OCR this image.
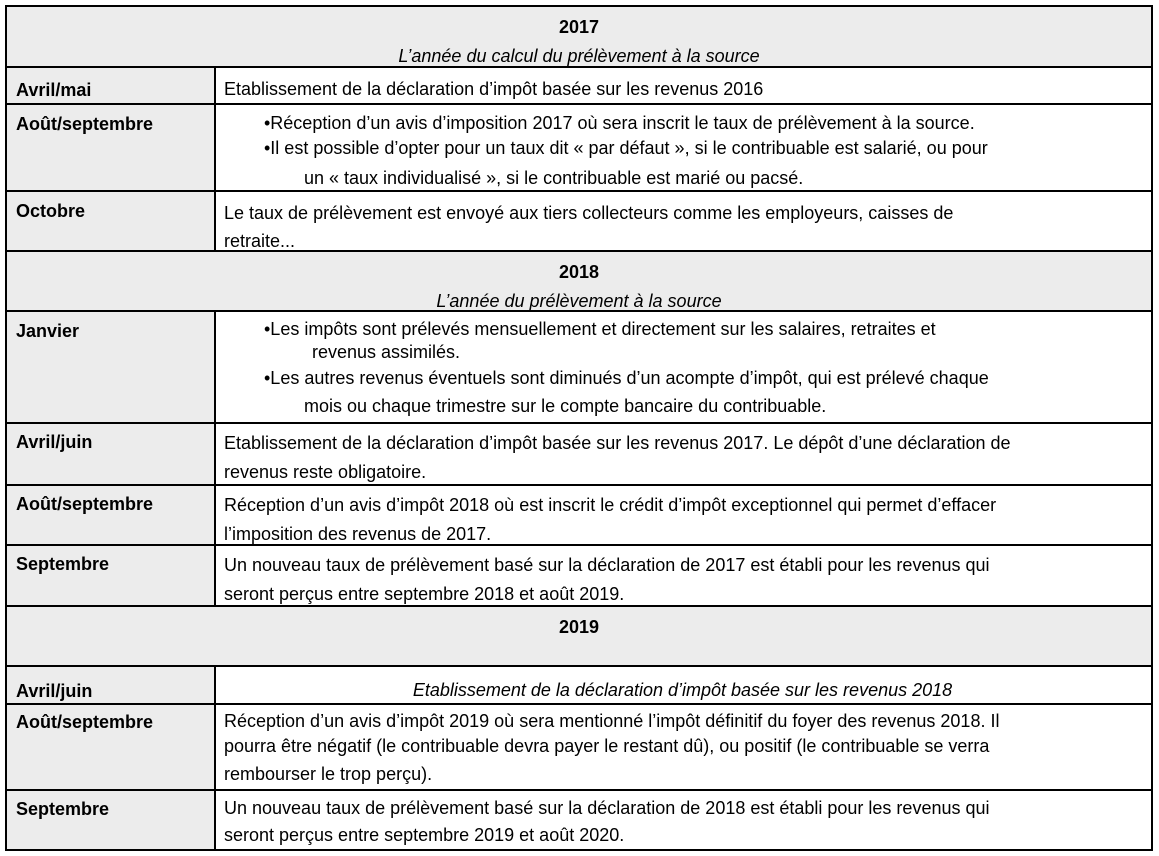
2017
L’année du calcul du prélèvement à la source
Avril/mai	Etablissement de la déclaration d’impôt basée sur les revenus 2016
Août/septembre	•Réception d’un avis d’imposition 2017 où sera inscrit le taux de prélèvement à la source.
•Il est possible d’opter pour un taux dit « par défaut », si le contribuable est salarié, ou pour
un « taux individualisé », si le contribuable est marié ou pacsé.
Octobre	Le taux de prélèvement est envoyé aux tiers collecteurs comme les employeurs, caisses de
retraite...
2018
L’année du prélèvement à la source
Janvier	•Les impôts sont prélevés mensuellement et directement sur les salaires, retraites et
revenus assimilés.
•Les autres revenus éventuels sont diminués d’un acompte d’impôt, qui est prélevé chaque
mois ou chaque trimestre sur le compte bancaire du contribuable.
Avril/juin	Etablissement de la déclaration d’impôt basée sur les revenus 2017. Le dépôt d’une déclaration de
revenus reste obligatoire.
Août/septembre	Réception d’un avis d’impôt 2018 où est inscrit le crédit d’impôt exceptionnel qui permet d’effacer
l’imposition des revenus de 2017.
Septembre	Un nouveau taux de prélèvement basé sur la déclaration de 2017 est établi pour les revenus qui
seront perçus entre septembre 2018 et août 2019.
2019
Avril/juin	Etablissement de la déclaration d’impôt basée sur les revenus 2018
Août/septembre	Réception d’un avis d’impôt 2019 où sera mentionné l’impôt définitif du foyer des revenus 2018. Il
pourra être négatif (le contribuable devra payer le restant dû), ou positif (le contribuable se verra
rembourser le trop perçu).
Septembre	Un nouveau taux de prélèvement basé sur la déclaration de 2018 est établi pour les revenus qui
seront perçus entre septembre 2019 et août 2020.
